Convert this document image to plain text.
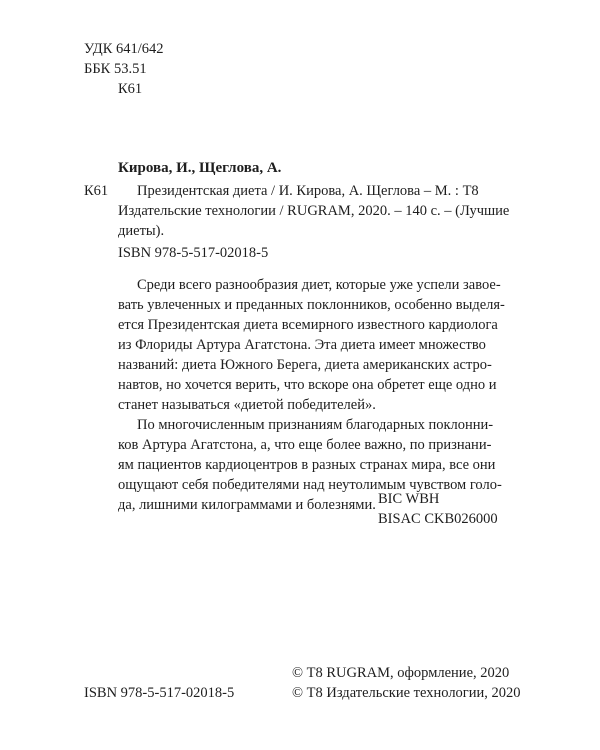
УДК 641/642
ББК 53.51
К61
Кирова, И., Щеглова, А.
К61 Президентская диета / И. Кирова, А. Щеглова – М. : Т8
Издательские технологии / RUGRAM, 2020. – 140 с. – (Лучшие
диеты).
ISBN 978-5-517-02018-5
Среди всего разнообразия диет, которые уже успели завое-
вать увлеченных и преданных поклонников, особенно выделя-
ется Президентская диета всемирного известного кардиолога
из Флориды Артура Агатстона. Эта диета имеет множество
названий: диета Южного Берега, диета американских астро-
навтов, но хочется верить, что вскоре она обретет еще одно и
станет называться «диетой победителей».
По многочисленным признаниям благодарных поклонни-
ков Артура Агатстона, а, что еще более важно, по признани-
ям пациентов кардиоцентров в разных странах мира, все они
ощущают себя победителями над неутолимым чувством голо-
да, лишними килограммами и болезнями. BIC WBH
BISAC CKB026000
© Т8 RUGRAM, оформление, 2020
ISBN 978-5-517-02018-5	© Т8 Издательские технологии, 2020
